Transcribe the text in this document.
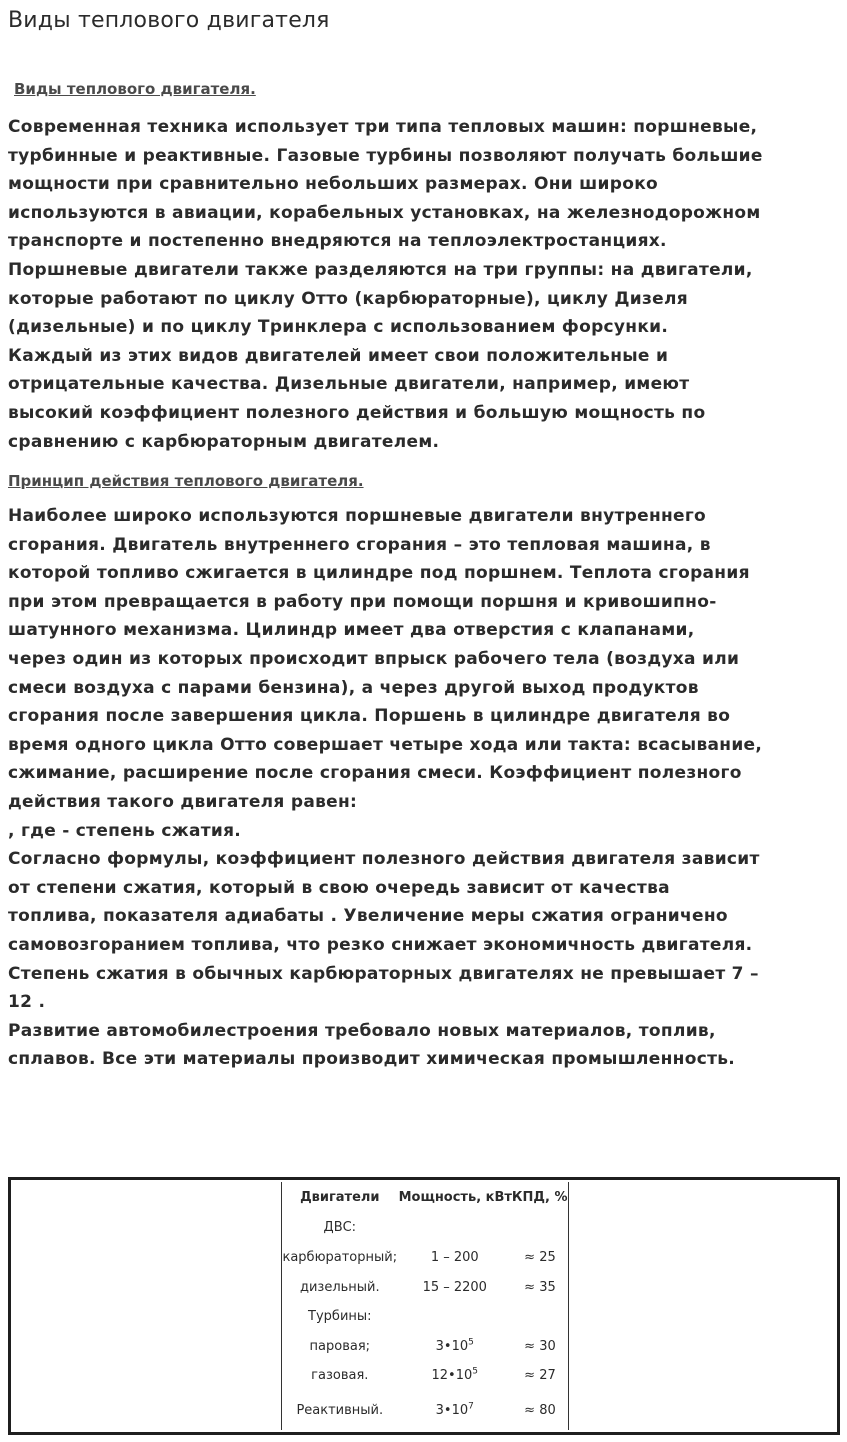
Виды теплового двигателя
Виды теплового двигателя.
Современная техника использует три типа тепловых машин: поршневые,
турбинные и реактивные. Газовые турбины позволяют получать большие
мощности при сравнительно небольших размерах. Они широко
используются в авиации, корабельных установках, на железнодорожном
транспорте и постепенно внедряются на теплоэлектростанциях.
Поршневые двигатели также разделяются на три группы: на двигатели,
которые работают по циклу Отто (карбюраторные), циклу Дизеля
(дизельные) и по циклу Тринклера с использованием форсунки.
Каждый из этих видов двигателей имеет свои положительные и
отрицательные качества. Дизельные двигатели, например, имеют
высокий коэффициент полезного действия и большую мощность по
сравнению с карбюраторным двигателем.
Принцип действия теплового двигателя.
Наиболее широко используются поршневые двигатели внутреннего
сгорания. Двигатель внутреннего сгорания – это тепловая машина, в
которой топливо сжигается в цилиндре под поршнем. Теплота сгорания
при этом превращается в работу при помощи поршня и кривошипно-
шатунного механизма. Цилиндр имеет два отверстия с клапанами,
через один из которых происходит впрыск рабочего тела (воздуха или
смеси воздуха с парами бензина), а через другой выход продуктов
сгорания после завершения цикла. Поршень в цилиндре двигателя во
время одного цикла Отто совершает четыре хода или такта: всасывание,
сжимание, расширение после сгорания смеси. Коэффициент полезного
действия такого двигателя равен:
, где - степень сжатия.
Согласно формулы, коэффициент полезного действия двигателя зависит
от степени сжатия, который в свою очередь зависит от качества
топлива, показателя адиабаты . Увеличение меры сжатия ограничено
самовозгоранием топлива, что резко снижает экономичность двигателя.
Степень сжатия в обычных карбюраторных двигателях не превышает 7 –
12 .
Развитие автомобилестроения требовало новых материалов, топлив,
сплавов. Все эти материалы производит химическая промышленность.
Двигатели	Мощность, кВт	КПД, %
ДВС:		
карбюраторный;	1 – 200	≈ 25
дизельный.	15 – 2200	≈ 35
Турбины:		
паровая;	$3•10^5$	≈ 30
газовая.	$12•10^5$	≈ 27
Реактивный.	$3•10^7$	≈ 80
